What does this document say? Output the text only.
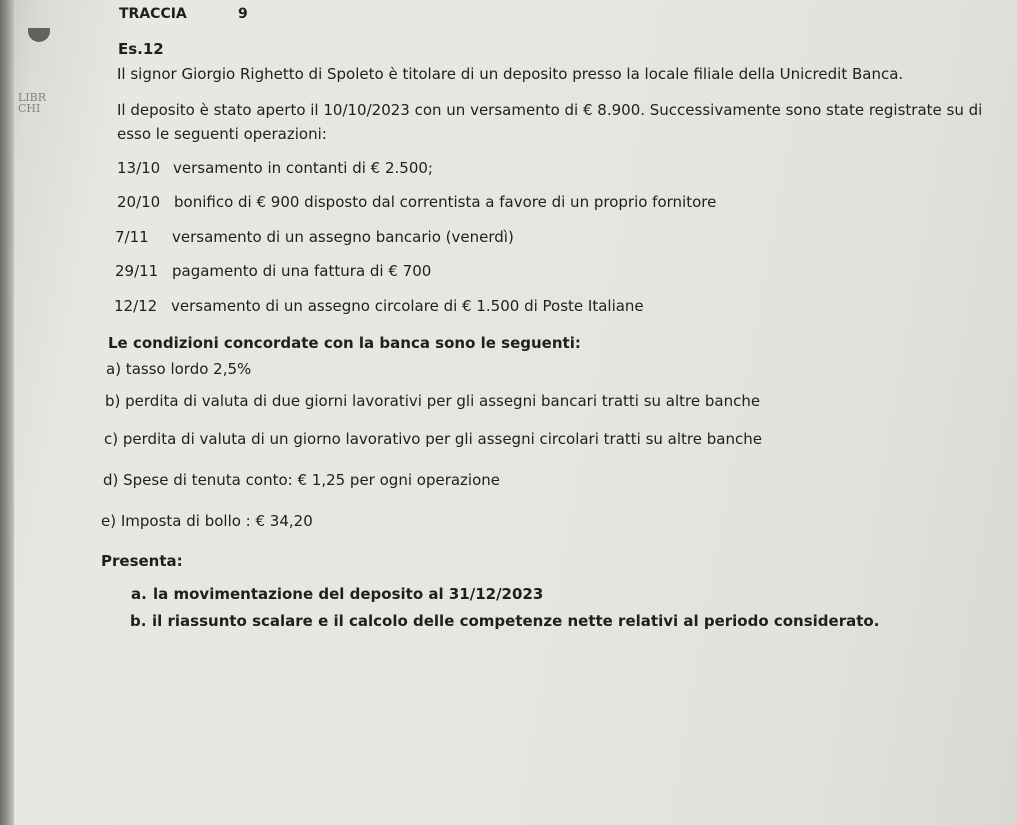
LIBR
CHI
TRACCIA	9
Es.12
Il signor Giorgio Righetto di Spoleto è titolare di un deposito presso la locale filiale della Unicredit Banca.
Il deposito è stato aperto il 10/10/2023 con un versamento di € 8.900. Successivamente sono state registrate su di
esso le seguenti operazioni:
13/10 versamento in contanti di € 2.500;
20/10 bonifico di € 900 disposto dal correntista a favore di un proprio fornitore
7/11 versamento di un assegno bancario (venerdì)
29/11 pagamento di una fattura di € 700
12/12 versamento di un assegno circolare di € 1.500 di Poste Italiane
Le condizioni concordate con la banca sono le seguenti:
a) tasso lordo 2,5%
b) perdita di valuta di due giorni lavorativi per gli assegni bancari tratti su altre banche
c) perdita di valuta di un giorno lavorativo per gli assegni circolari tratti su altre banche
d) Spese di tenuta conto: € 1,25 per ogni operazione
e) Imposta di bollo : € 34,20
Presenta:
a. la movimentazione del deposito al 31/12/2023
b. il riassunto scalare e il calcolo delle competenze nette relativi al periodo considerato.
